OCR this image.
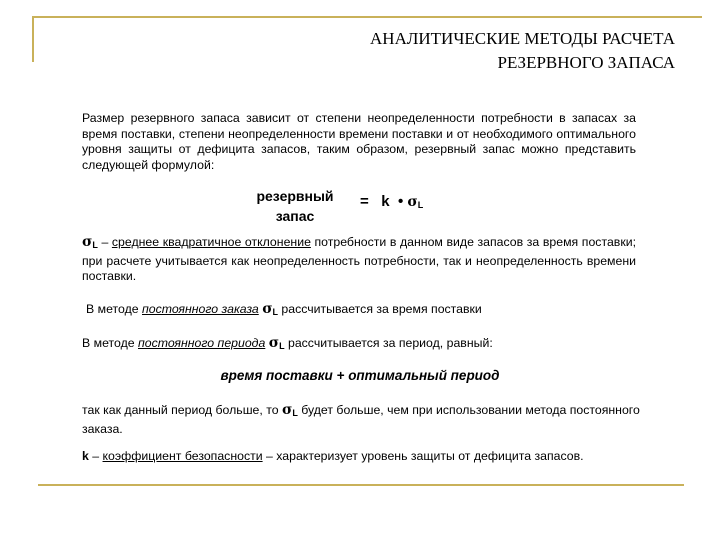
АНАЛИТИЧЕСКИЕ МЕТОДЫ РАСЧЕТА
РЕЗЕРВНОГО ЗАПАСА
Размер резервного запаса зависит от степени неопределенности потребности в запасах за время поставки, степени неопределенности времени поставки и от необходимого оптимального уровня защиты от дефицита запасов, таким образом, резервный запас можно представить следующей формулой:
резервный
запас
= k • $\sigma_L$
$\sigma_L$ – среднее квадратичное отклонение потребности в данном виде запасов за время поставки; при расчете учитывается как неопределенность потребности, так и неопределенность времени поставки.
В методе постоянного заказа $\sigma_L$ рассчитывается за время поставки
В методе постоянного периода $\sigma_L$ рассчитывается за период, равный:
время поставки + оптимальный период
так как данный период больше, то $\sigma_L$ будет больше, чем при использовании метода постоянного заказа.
k – коэффициент безопасности – характеризует уровень защиты от дефицита запасов.
